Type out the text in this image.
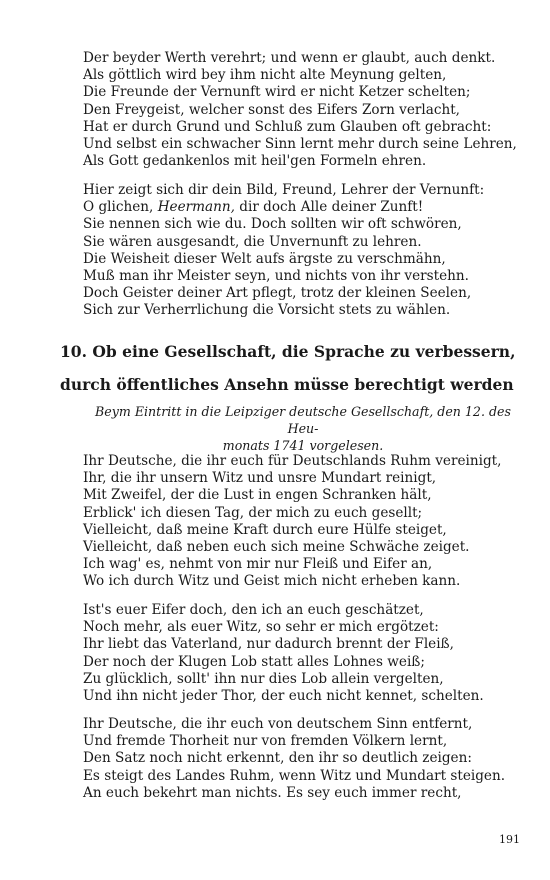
Der beyder Werth verehrt; und wenn er glaubt, auch denkt.
Als göttlich wird bey ihm nicht alte Meynung gelten,
Die Freunde der Vernunft wird er nicht Ketzer schelten;
Den Freygeist, welcher sonst des Eifers Zorn verlacht,
Hat er durch Grund und Schluß zum Glauben oft gebracht:
Und selbst ein schwacher Sinn lernt mehr durch seine Lehren,
Als Gott gedankenlos mit heil'gen Formeln ehren.
Hier zeigt sich dir dein Bild, Freund, Lehrer der Vernunft:
O glichen, Heermann, dir doch Alle deiner Zunft!
Sie nennen sich wie du. Doch sollten wir oft schwören,
Sie wären ausgesandt, die Unvernunft zu lehren.
Die Weisheit dieser Welt aufs ärgste zu verschmähn,
Muß man ihr Meister seyn, und nichts von ihr verstehn.
Doch Geister deiner Art pflegt, trotz der kleinen Seelen,
Sich zur Verherrlichung die Vorsicht stets zu wählen.
10. Ob eine Gesellschaft, die Sprache zu verbessern,
durch öffentliches Ansehn müsse berechtigt werden
Beym Eintritt in die Leipziger deutsche Gesellschaft, den 12. des Heu-
monats 1741 vorgelesen.
Ihr Deutsche, die ihr euch für Deutschlands Ruhm vereinigt,
Ihr, die ihr unsern Witz und unsre Mundart reinigt,
Mit Zweifel, der die Lust in engen Schranken hält,
Erblick' ich diesen Tag, der mich zu euch gesellt;
Vielleicht, daß meine Kraft durch eure Hülfe steiget,
Vielleicht, daß neben euch sich meine Schwäche zeiget.
Ich wag' es, nehmt von mir nur Fleiß und Eifer an,
Wo ich durch Witz und Geist mich nicht erheben kann.
Ist's euer Eifer doch, den ich an euch geschätzet,
Noch mehr, als euer Witz, so sehr er mich ergötzet:
Ihr liebt das Vaterland, nur dadurch brennt der Fleiß,
Der noch der Klugen Lob statt alles Lohnes weiß;
Zu glücklich, sollt' ihn nur dies Lob allein vergelten,
Und ihn nicht jeder Thor, der euch nicht kennet, schelten.
Ihr Deutsche, die ihr euch von deutschem Sinn entfernt,
Und fremde Thorheit nur von fremden Völkern lernt,
Den Satz noch nicht erkennt, den ihr so deutlich zeigen:
Es steigt des Landes Ruhm, wenn Witz und Mundart steigen.
An euch bekehrt man nichts. Es sey euch immer recht,
191
